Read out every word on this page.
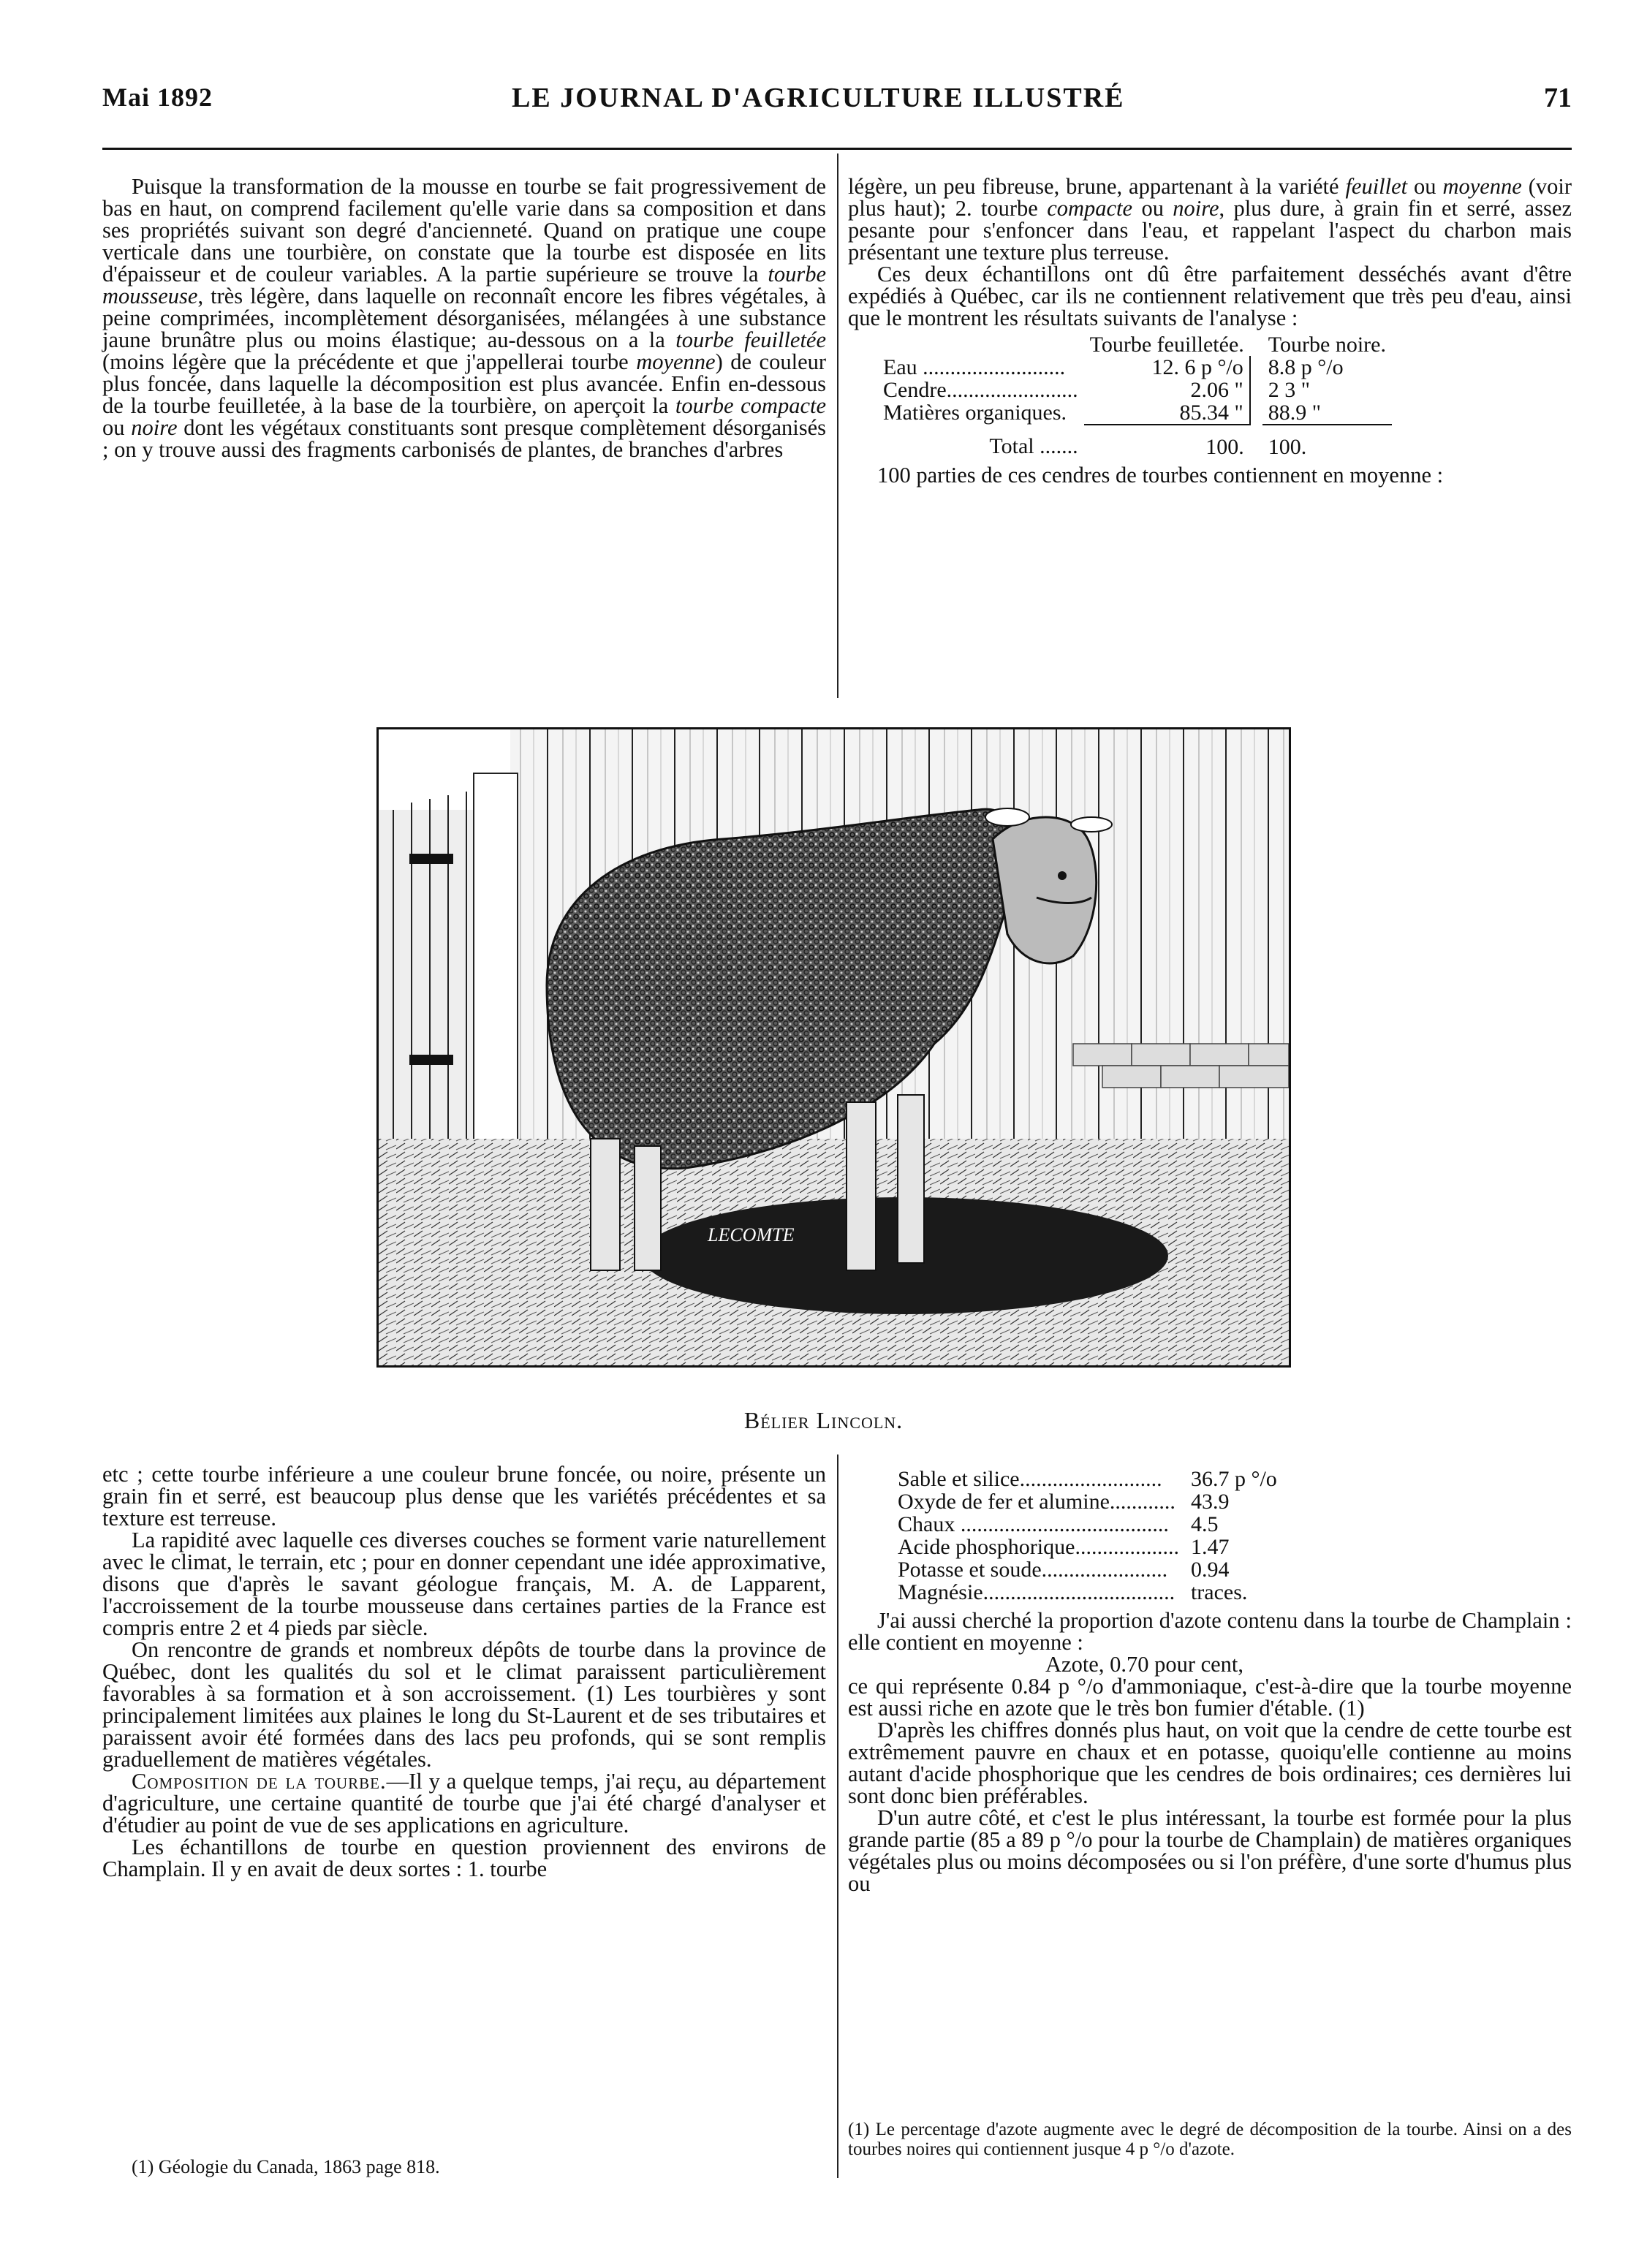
Mai 1892	LE JOURNAL D'AGRICULTURE ILLUSTRÉ	71

Puisque la transformation de la mousse en tourbe se fait progressivement de bas en haut, on comprend facilement qu'elle varie dans sa composition et dans ses propriétés suivant son degré d'ancienneté. Quand on pratique une coupe verticale dans une tourbière, on constate que la tourbe est disposée en lits d'épaisseur et de couleur variables. A la partie supérieure se trouve la tourbe mousseuse, très légère, dans laquelle on reconnaît encore les fibres végétales, à peine comprimées, incomplètement désorganisées, mélangées à une substance jaune brunâtre plus ou moins élastique; au-dessous on a la tourbe feuilletée (moins légère que la précédente et que j'appellerai tourbe moyenne) de couleur plus foncée, dans laquelle la décomposition est plus avancée. Enfin en-dessous de la tourbe feuilletée, à la base de la tourbière, on aperçoit la tourbe compacte ou noire dont les végétaux constituants sont presque complètement désorganisés ; on y trouve aussi des fragments carbonisés de plantes, de branches d'arbres

légère, un peu fibreuse, brune, appartenant à la variété feuillet ou moyenne (voir plus haut); 2. tourbe compacte ou noire, plus dure, à grain fin et serré, assez pesante pour s'enfoncer dans l'eau, et rappelant l'aspect du charbon mais présentant une texture plus terreuse.

Ces deux échantillons ont dû être parfaitement desséchés avant d'être expédiés à Québec, car ils ne contiennent relativement que très peu d'eau, ainsi que le montrent les résultats suivants de l'analyse :

	Tourbe feuilletée.		Tourbe noire.
Eau ..........................	12. 6 p °/o		8.8 p °/o
Cendre........................	2.06 "		2 3 "
Matières organiques.	85.34 "		88.9 "
Total .......	100.		100.

100 parties de ces cendres de tourbes contiennent en moyenne :

LECOMTE
Bélier Lincoln.

etc ; cette tourbe inférieure a une couleur brune foncée, ou noire, présente un grain fin et serré, est beaucoup plus dense que les variétés précédentes et sa texture est terreuse.

La rapidité avec laquelle ces diverses couches se forment varie naturellement avec le climat, le terrain, etc ; pour en donner cependant une idée approximative, disons que d'après le savant géologue français, M. A. de Lapparent, l'accroissement de la tourbe mousseuse dans certaines parties de la France est compris entre 2 et 4 pieds par siècle.

On rencontre de grands et nombreux dépôts de tourbe dans la province de Québec, dont les qualités du sol et le climat paraissent particulièrement favorables à sa formation et à son accroissement. (1) Les tourbières y sont principalement limitées aux plaines le long du St-Laurent et de ses tributaires et paraissent avoir été formées dans des lacs peu profonds, qui se sont remplis graduellement de matières végétales.

Composition de la tourbe.—Il y a quelque temps, j'ai reçu, au département d'agriculture, une certaine quantité de tourbe que j'ai été chargé d'analyser et d'étudier au point de vue de ses applications en agriculture.

Les échantillons de tourbe en question proviennent des environs de Champlain. Il y en avait de deux sortes : 1. tourbe

(1) Géologie du Canada, 1863 page 818.
Sable et silice..........................	36.7 p °/o
Oxyde de fer et alumine............	43.9
Chaux ......................................	4.5
Acide phosphorique...................	1.47
Potasse et soude.......................	0.94
Magnésie...................................	traces.

J'ai aussi cherché la proportion d'azote contenu dans la tourbe de Champlain : elle contient en moyenne :

Azote, 0.70 pour cent,

ce qui représente 0.84 p °/o d'ammoniaque, c'est-à-dire que la tourbe moyenne est aussi riche en azote que le très bon fumier d'étable. (1)

D'après les chiffres donnés plus haut, on voit que la cendre de cette tourbe est extrêmement pauvre en chaux et en potasse, quoiqu'elle contienne au moins autant d'acide phosphorique que les cendres de bois ordinaires; ces dernières lui sont donc bien préférables.

D'un autre côté, et c'est le plus intéressant, la tourbe est formée pour la plus grande partie (85 a 89 p °/o pour la tourbe de Champlain) de matières organiques végétales plus ou moins décomposées ou si l'on préfère, d'une sorte d'humus plus ou

(1) Le percentage d'azote augmente avec le degré de décomposition de la tourbe. Ainsi on a des tourbes noires qui contiennent jusque 4 p °/o d'azote.
